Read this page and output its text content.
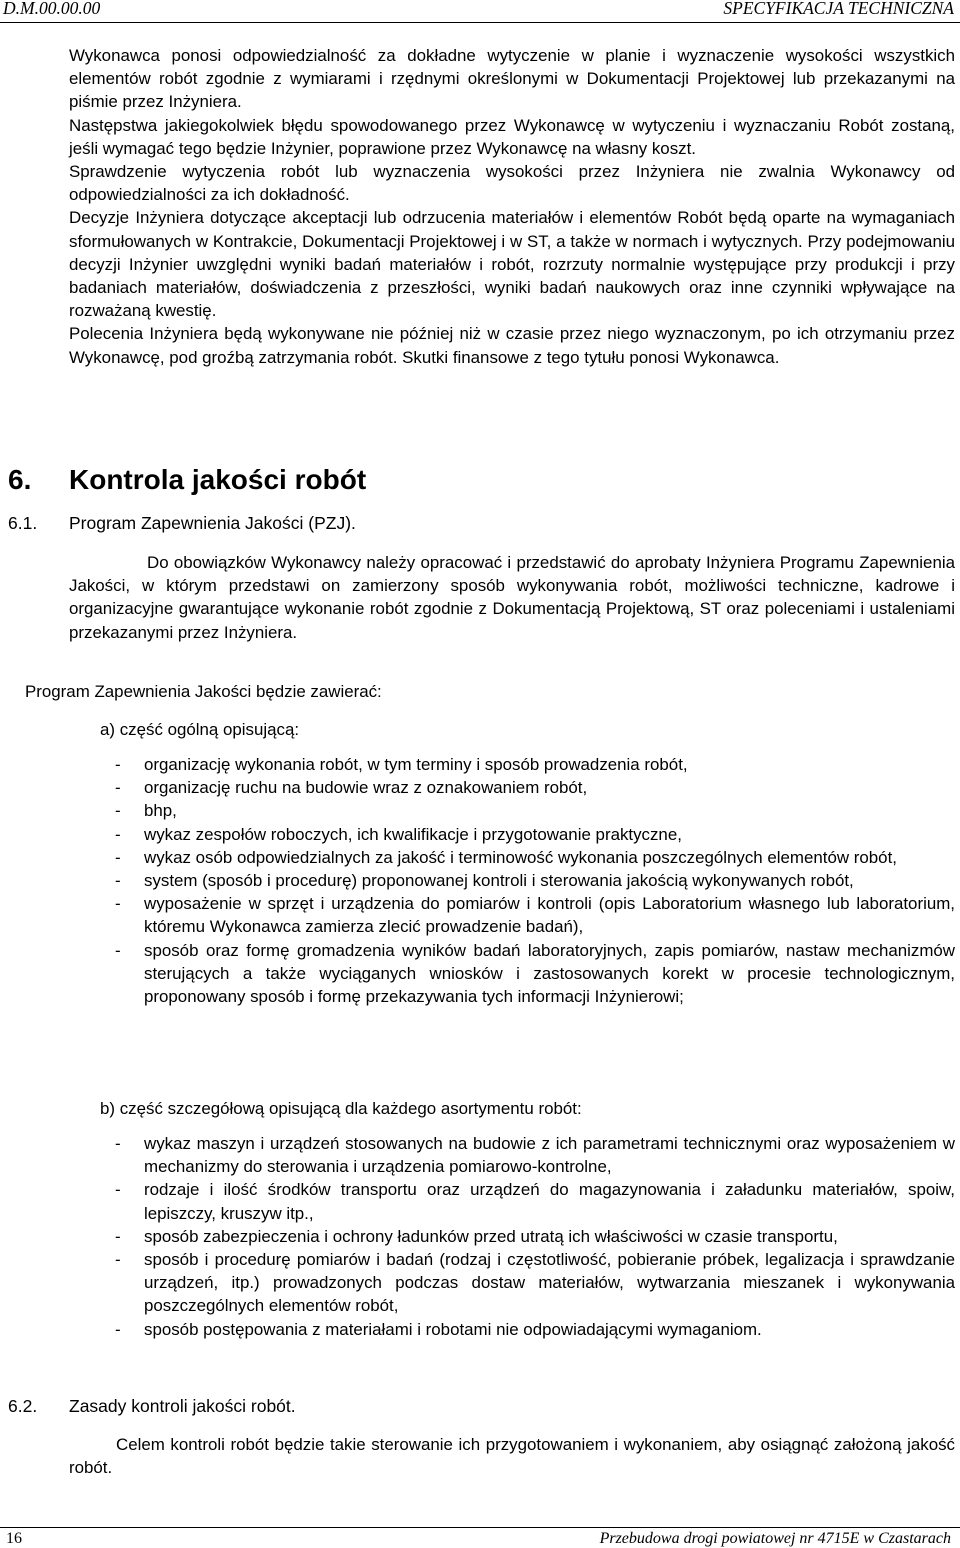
D.M.00.00.00	SPECYFIKACJA TECHNICZNA

Wykonawca ponosi odpowiedzialność za dokładne wytyczenie w planie i wyznaczenie wysokości wszystkich elementów robót zgodnie z wymiarami i rzędnymi określonymi w Dokumentacji Projektowej lub przekazanymi na piśmie przez Inżyniera.

Następstwa jakiegokolwiek błędu spowodowanego przez Wykonawcę w wytyczeniu i wyznaczaniu Robót zostaną, jeśli wymagać tego będzie Inżynier, poprawione przez Wykonawcę na własny koszt.

Sprawdzenie wytyczenia robót lub wyznaczenia wysokości przez Inżyniera nie zwalnia Wykonawcy od odpowiedzialności za ich dokładność.

Decyzje Inżyniera dotyczące akceptacji lub odrzucenia materiałów i elementów Robót będą oparte na wymaganiach sformułowanych w Kontrakcie, Dokumentacji Projektowej i w ST, a także w normach i wytycznych. Przy podejmowaniu decyzji Inżynier uwzględni wyniki badań materiałów i robót, rozrzuty normalnie występujące przy produkcji i przy badaniach materiałów, doświadczenia z przeszłości, wyniki badań naukowych oraz inne czynniki wpływające na rozważaną kwestię.

Polecenia Inżyniera będą wykonywane nie później niż w czasie przez niego wyznaczonym, po ich otrzymaniu przez Wykonawcę, pod groźbą zatrzymania robót. Skutki finansowe z tego tytułu ponosi Wykonawca.

6. Kontrola jakości robót
6.1. Program Zapewnienia Jakości (PZJ).

Do obowiązków Wykonawcy należy opracować i przedstawić do aprobaty Inżyniera Programu Zapewnienia Jakości, w którym przedstawi on zamierzony sposób wykonywania robót, możliwości techniczne, kadrowe i organizacyjne gwarantujące wykonanie robót zgodnie z Dokumentacją Projektową, ST oraz poleceniami i ustaleniami przekazanymi przez Inżyniera.

Program Zapewnienia Jakości będzie zawierać:
a) część ogólną opisującą:
- organizację wykonania robót, w tym terminy i sposób prowadzenia robót,
- organizację ruchu na budowie wraz z oznakowaniem robót,
- bhp,
- wykaz zespołów roboczych, ich kwalifikacje i przygotowanie praktyczne,
- wykaz osób odpowiedzialnych za jakość i terminowość wykonania poszczególnych elementów robót,
- system (sposób i procedurę) proponowanej kontroli i sterowania jakością wykonywanych robót,
- wyposażenie w sprzęt i urządzenia do pomiarów i kontroli (opis Laboratorium własnego lub laboratorium, któremu Wykonawca zamierza zlecić prowadzenie badań),
- sposób oraz formę gromadzenia wyników badań laboratoryjnych, zapis pomiarów, nastaw mechanizmów sterujących a także wyciąganych wniosków i zastosowanych korekt w procesie technologicznym, proponowany sposób i formę przekazywania tych informacji Inżynierowi;
b) część szczegółową opisującą dla każdego asortymentu robót:
- wykaz maszyn i urządzeń stosowanych na budowie z ich parametrami technicznymi oraz wyposażeniem w mechanizmy do sterowania i urządzenia pomiarowo-kontrolne,
- rodzaje i ilość środków transportu oraz urządzeń do magazynowania i załadunku materiałów, spoiw, lepiszczy, kruszyw itp.,
- sposób zabezpieczenia i ochrony ładunków przed utratą ich właściwości w czasie transportu,
- sposób i procedurę pomiarów i badań (rodzaj i częstotliwość, pobieranie próbek, legalizacja i sprawdzanie urządzeń, itp.) prowadzonych podczas dostaw materiałów, wytwarzania mieszanek i wykonywania poszczególnych elementów robót,
- sposób postępowania z materiałami i robotami nie odpowiadającymi wymaganiom.
6.2. Zasady kontroli jakości robót.

Celem kontroli robót będzie takie sterowanie ich przygotowaniem i wykonaniem, aby osiągnąć założoną jakość robót.

16	Przebudowa drogi powiatowej nr 4715E w Czastarach
